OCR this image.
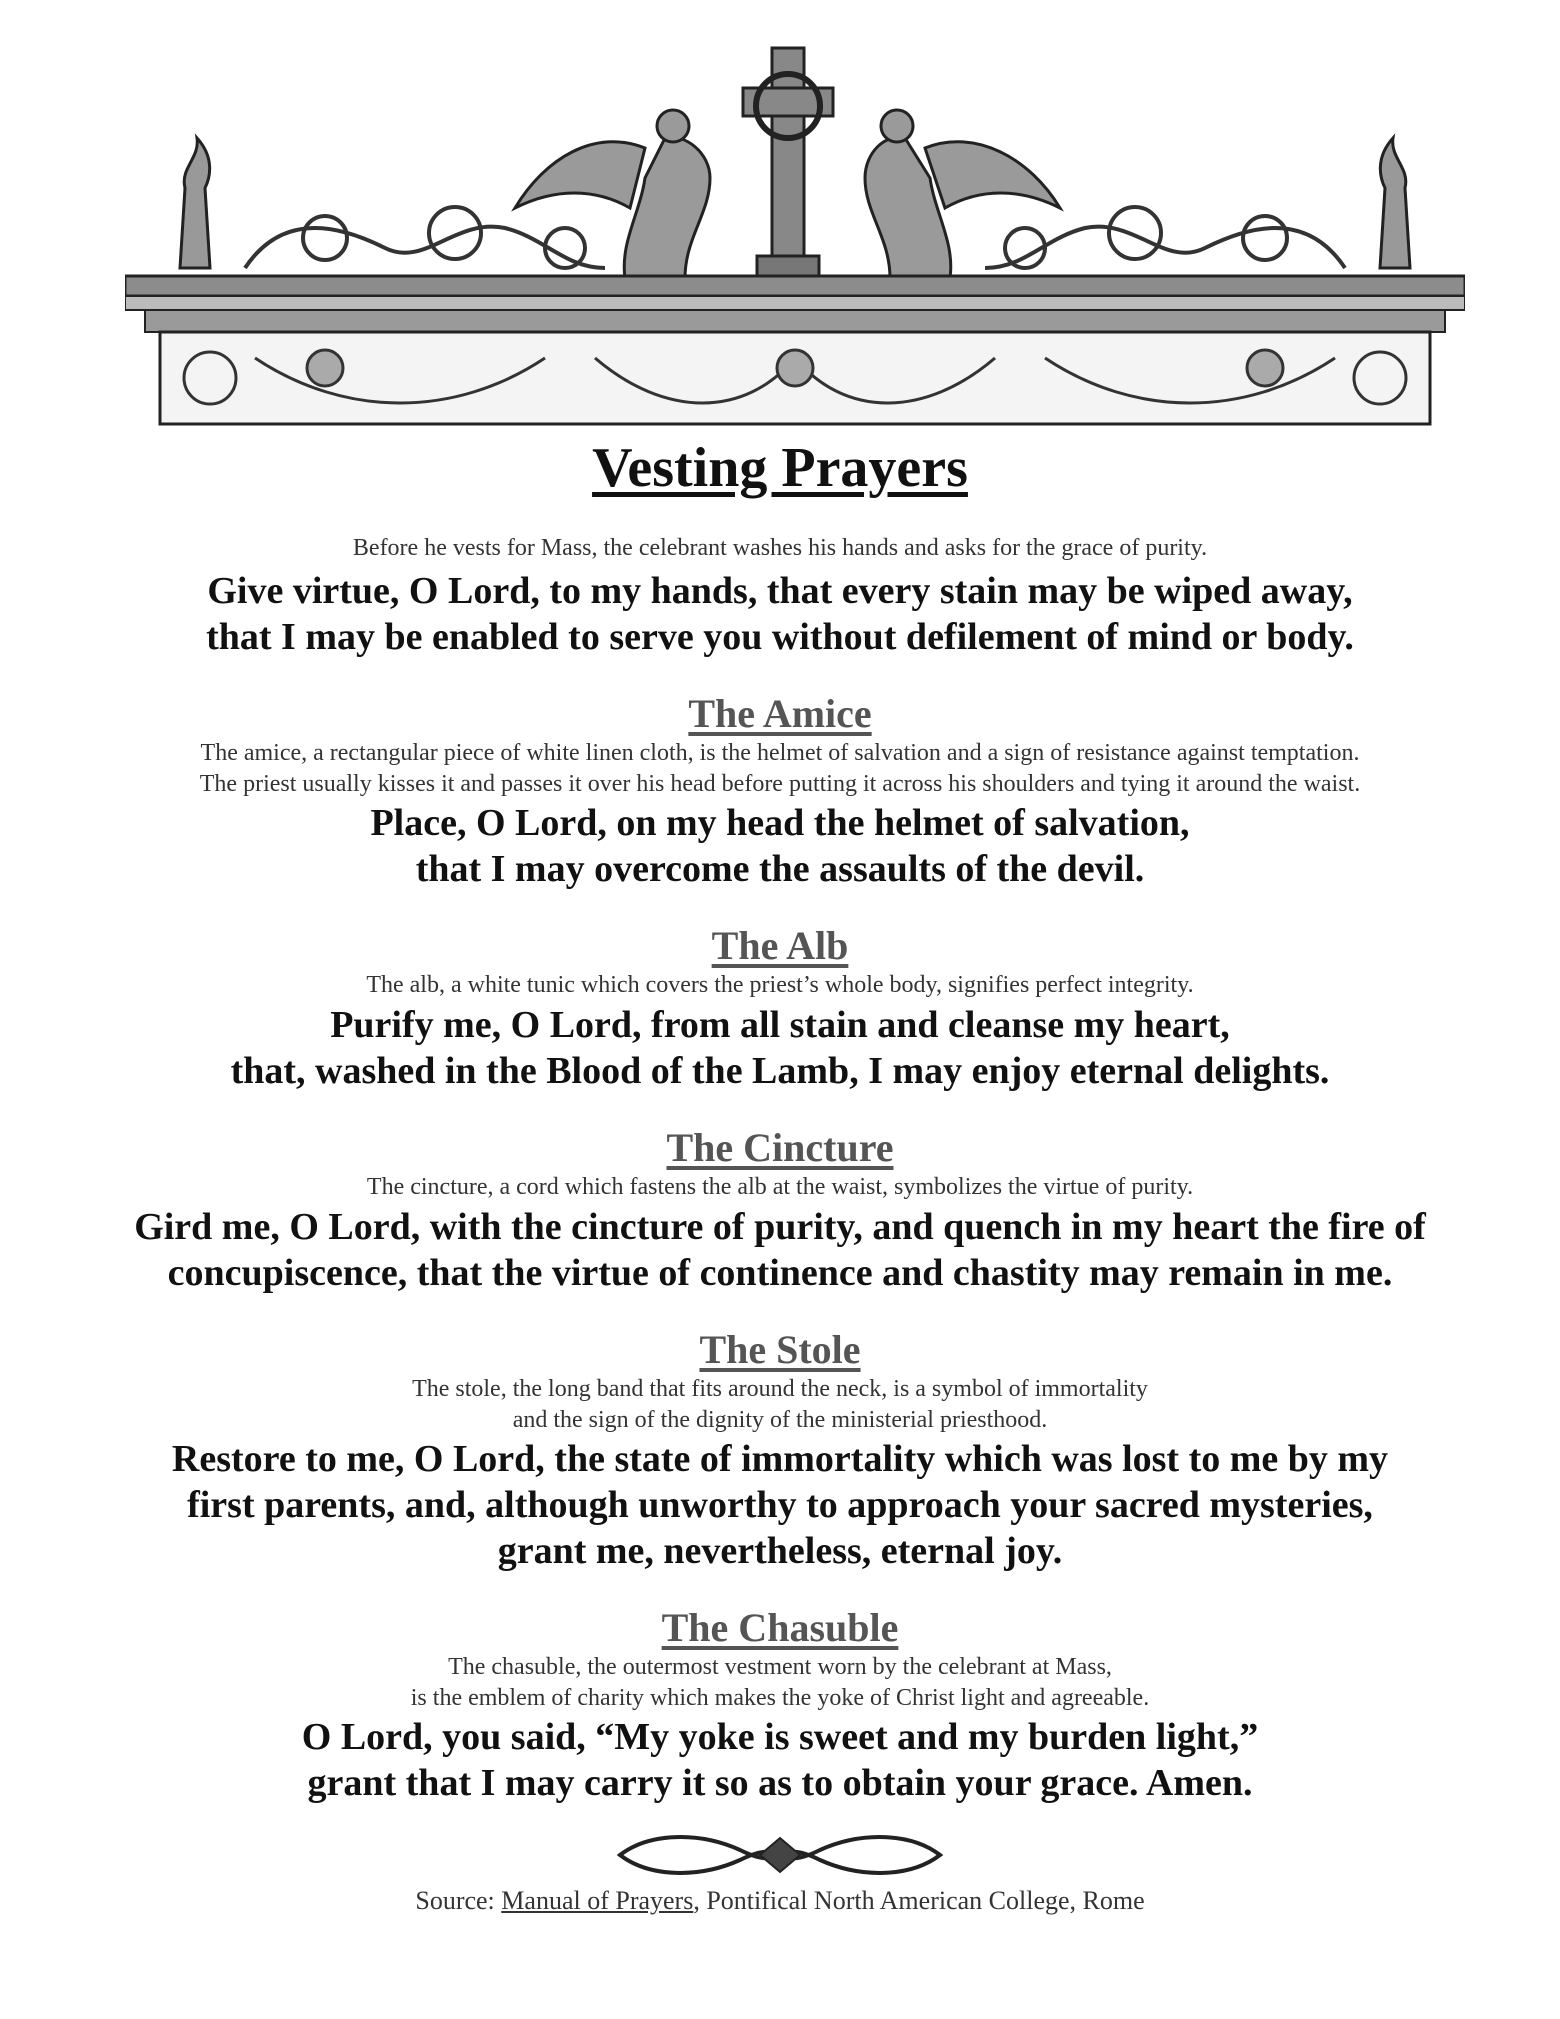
Vesting Prayers
Before he vests for Mass, the celebrant washes his hands and asks for the grace of purity.
Give virtue, O Lord, to my hands, that every stain may be wiped away,
that I may be enabled to serve you without defilement of mind or body.
The Amice
The amice, a rectangular piece of white linen cloth, is the helmet of salvation and a sign of resistance against temptation.
The priest usually kisses it and passes it over his head before putting it across his shoulders and tying it around the waist.
Place, O Lord, on my head the helmet of salvation,
that I may overcome the assaults of the devil.
The Alb
The alb, a white tunic which covers the priest’s whole body, signifies perfect integrity.
Purify me, O Lord, from all stain and cleanse my heart,
that, washed in the Blood of the Lamb, I may enjoy eternal delights.
The Cincture
The cincture, a cord which fastens the alb at the waist, symbolizes the virtue of purity.
Gird me, O Lord, with the cincture of purity, and quench in my heart the fire of
concupiscence, that the virtue of continence and chastity may remain in me.
The Stole
The stole, the long band that fits around the neck, is a symbol of immortality
and the sign of the dignity of the ministerial priesthood.
Restore to me, O Lord, the state of immortality which was lost to me by my
first parents, and, although unworthy to approach your sacred mysteries,
grant me, nevertheless, eternal joy.
The Chasuble
The chasuble, the outermost vestment worn by the celebrant at Mass,
is the emblem of charity which makes the yoke of Christ light and agreeable.
O Lord, you said, “My yoke is sweet and my burden light,”
grant that I may carry it so as to obtain your grace. Amen.
Source: Manual of Prayers, Pontifical North American College, Rome
